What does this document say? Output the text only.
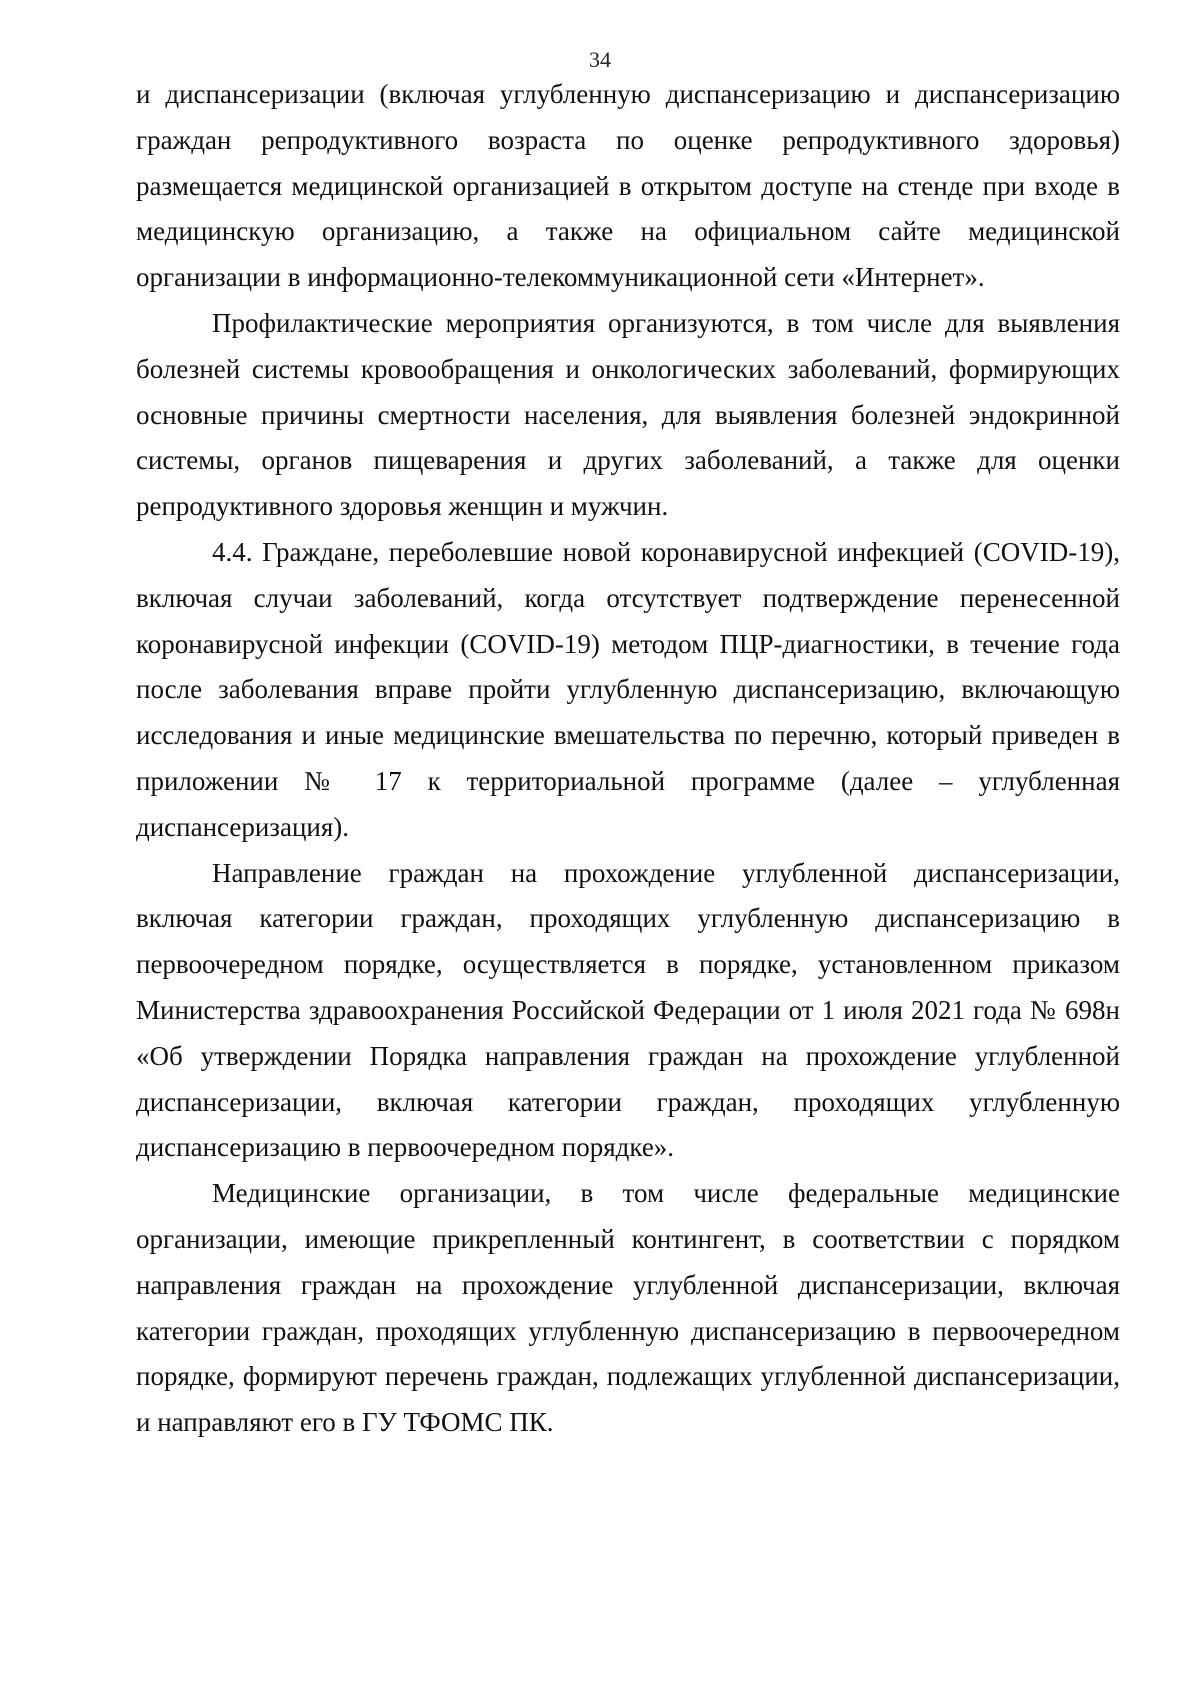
34

и диспансеризации (включая углубленную диспансеризацию и диспансеризацию граждан репродуктивного возраста по оценке репродуктивного здоровья) размещается медицинской организацией в открытом доступе на стенде при входе в медицинскую организацию, а также на официальном сайте медицинской организации в информационно-телекоммуникационной сети «Интернет».

Профилактические мероприятия организуются, в том числе для выявления болезней системы кровообращения и онкологических заболеваний, формирующих основные причины смертности населения, для выявления болезней эндокринной системы, органов пищеварения и других заболеваний, а также для оценки репродуктивного здоровья женщин и мужчин.

4.4. Граждане, переболевшие новой коронавирусной инфекцией (COVID-19), включая случаи заболеваний, когда отсутствует подтверждение перенесенной коронавирусной инфекции (COVID-19) методом ПЦР-диагностики, в течение года после заболевания вправе пройти углубленную диспансеризацию, включающую исследования и иные медицинские вмешательства по перечню, который приведен в приложении № 17 к территориальной программе (далее – углубленная диспансеризация).

Направление граждан на прохождение углубленной диспансеризации, включая категории граждан, проходящих углубленную диспансеризацию в первоочередном порядке, осуществляется в порядке, установленном приказом Министерства здравоохранения Российской Федерации от 1 июля 2021 года № 698н «Об утверждении Порядка направления граждан на прохождение углубленной диспансеризации, включая категории граждан, проходящих углубленную диспансеризацию в первоочередном порядке».

Медицинские организации, в том числе федеральные медицинские организации, имеющие прикрепленный контингент, в соответствии с порядком направления граждан на прохождение углубленной диспансеризации, включая категории граждан, проходящих углубленную диспансеризацию в первоочередном порядке, формируют перечень граждан, подлежащих углубленной диспансеризации, и направляют его в ГУ ТФОМС ПК.
